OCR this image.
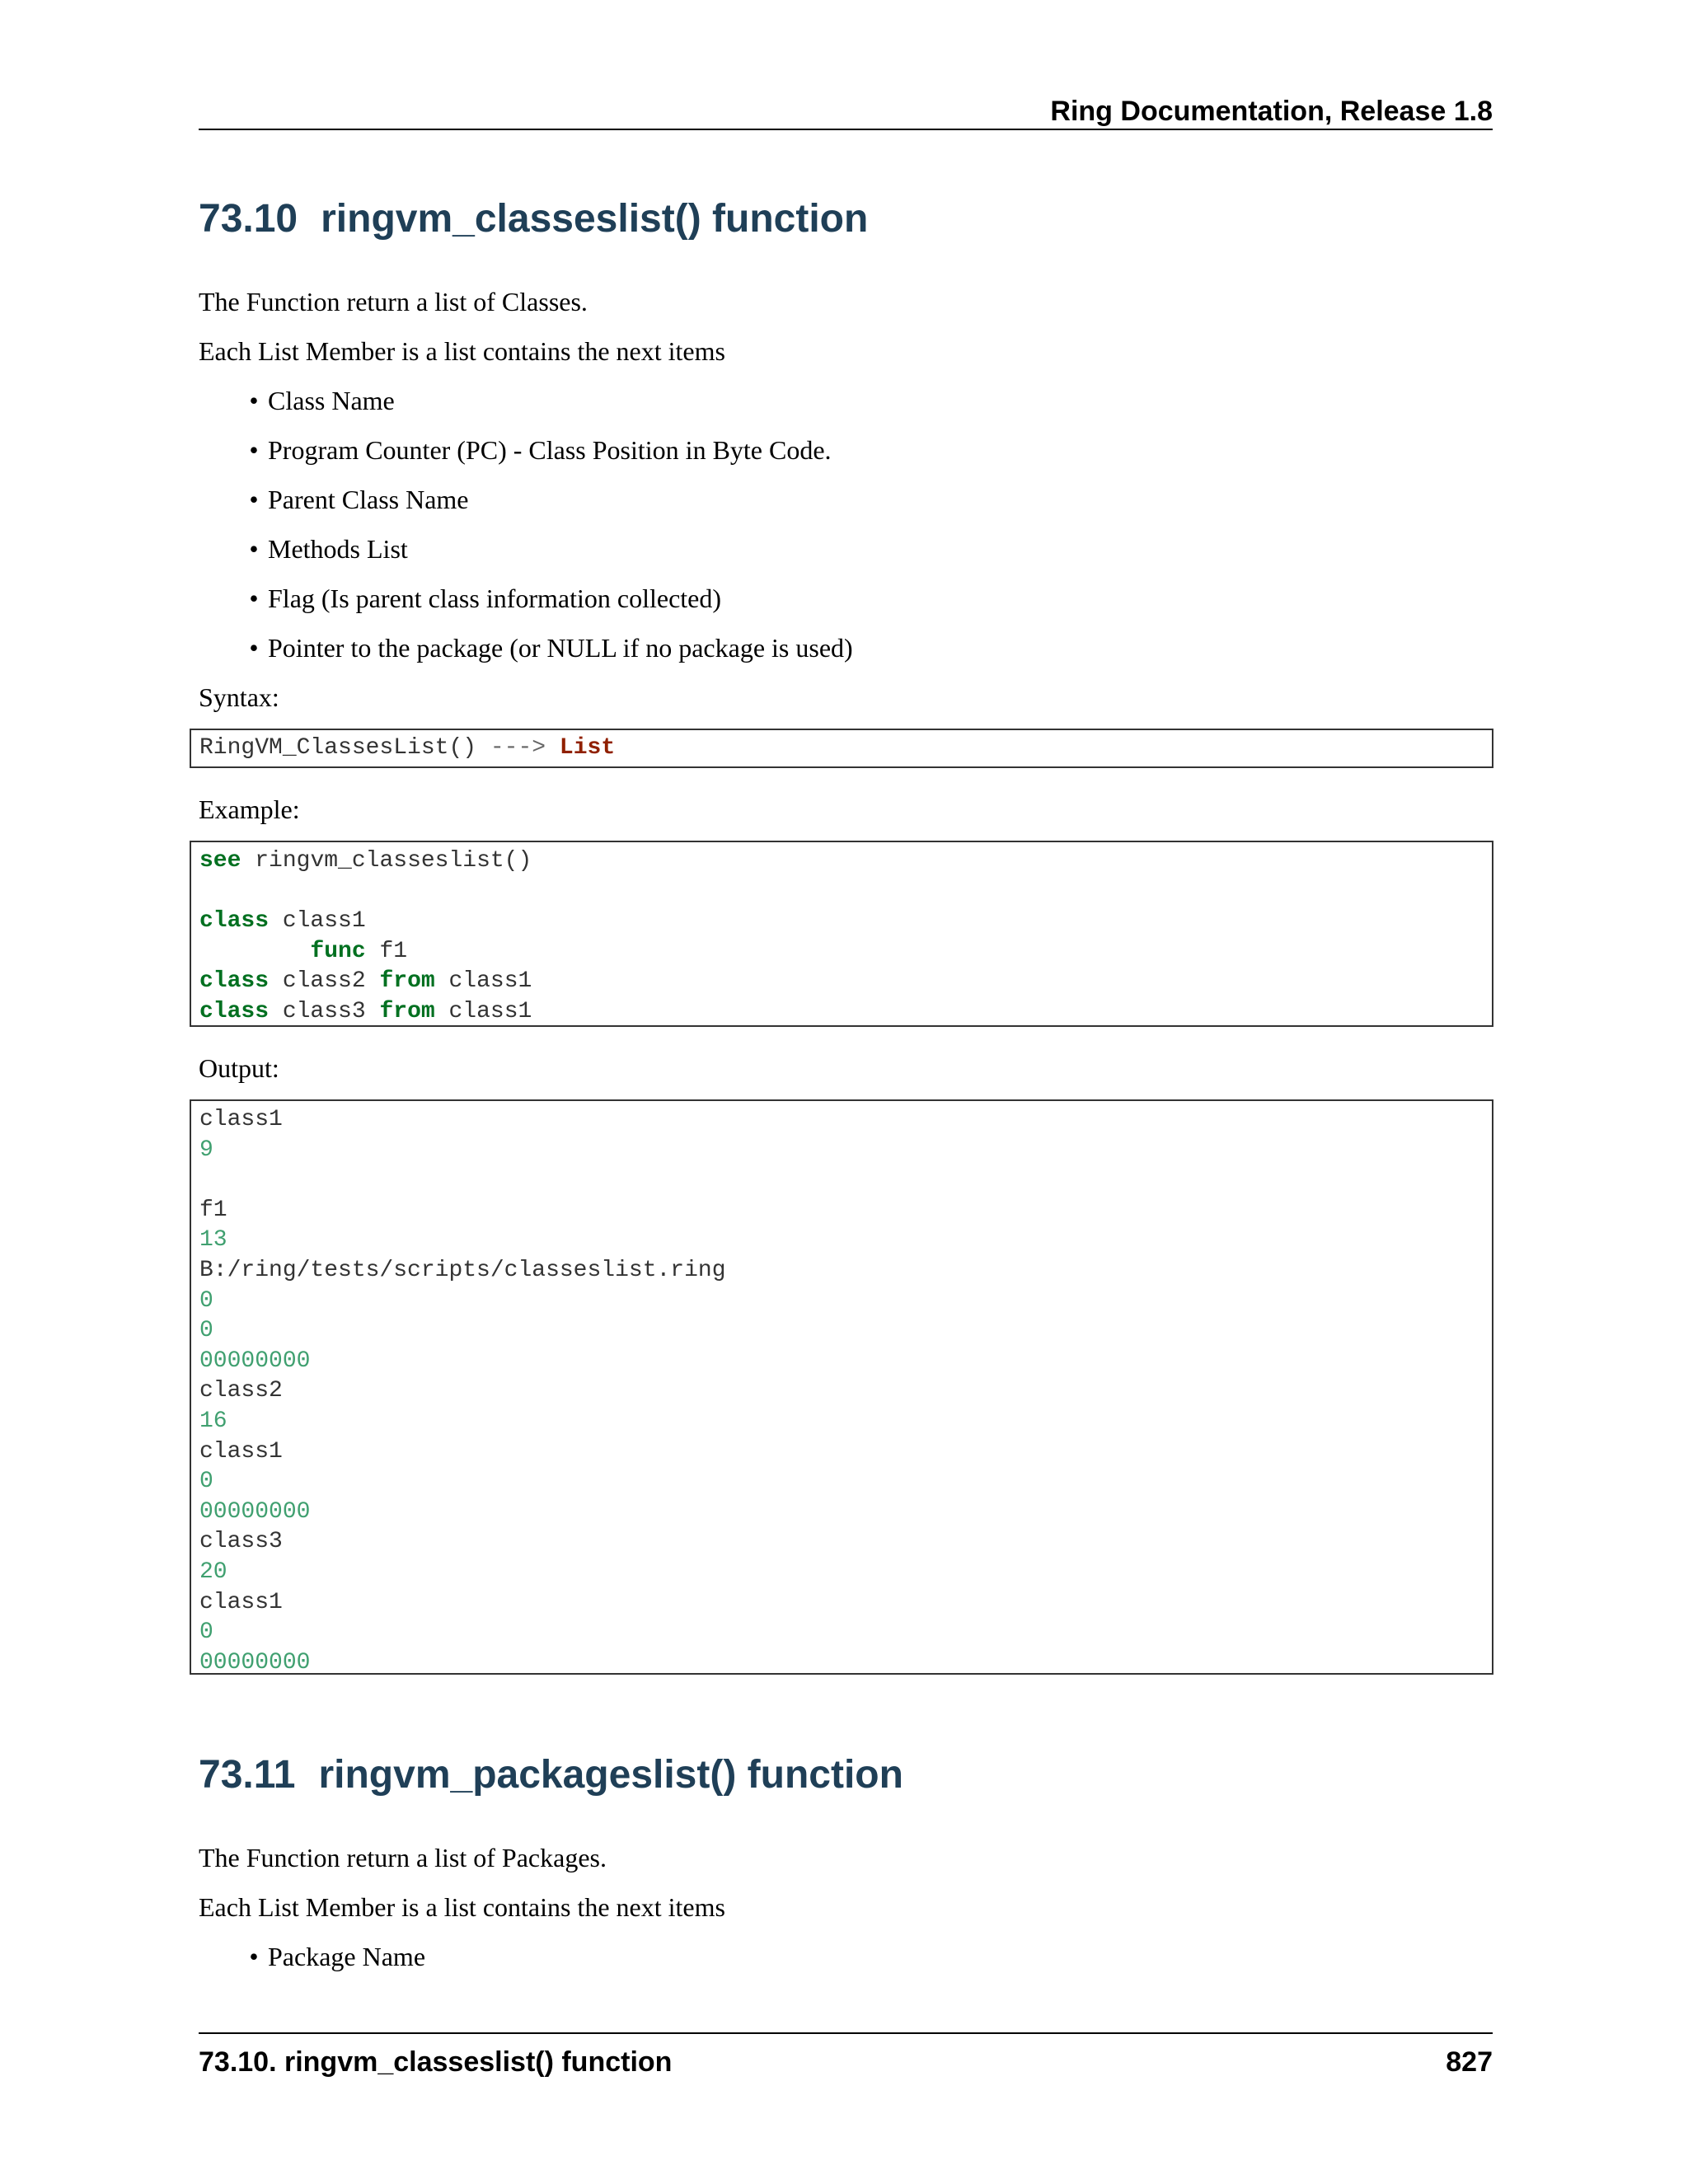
Ring Documentation, Release 1.8
73.10 ringvm_classeslist() function

The Function return a list of Classes.

Each List Member is a list contains the next items

• Class Name
• Program Counter (PC) - Class Position in Byte Code.
• Parent Class Name
• Methods List
• Flag (Is parent class information collected)
• Pointer to the package (or NULL if no package is used)

Syntax:

RingVM_ClassesList() ---> List

Example:

see ringvm_classeslist()
class class1
func f1
class class2 from class1
class class3 from class1

Output:

class1
9
f1
13
B:/ring/tests/scripts/classeslist.ring
0
0
00000000
class2
16
class1
0
00000000
class3
20
class1
0
00000000
73.11 ringvm_packageslist() function

The Function return a list of Packages.

Each List Member is a list contains the next items

• Package Name
73.10. ringvm_classeslist() function	827
